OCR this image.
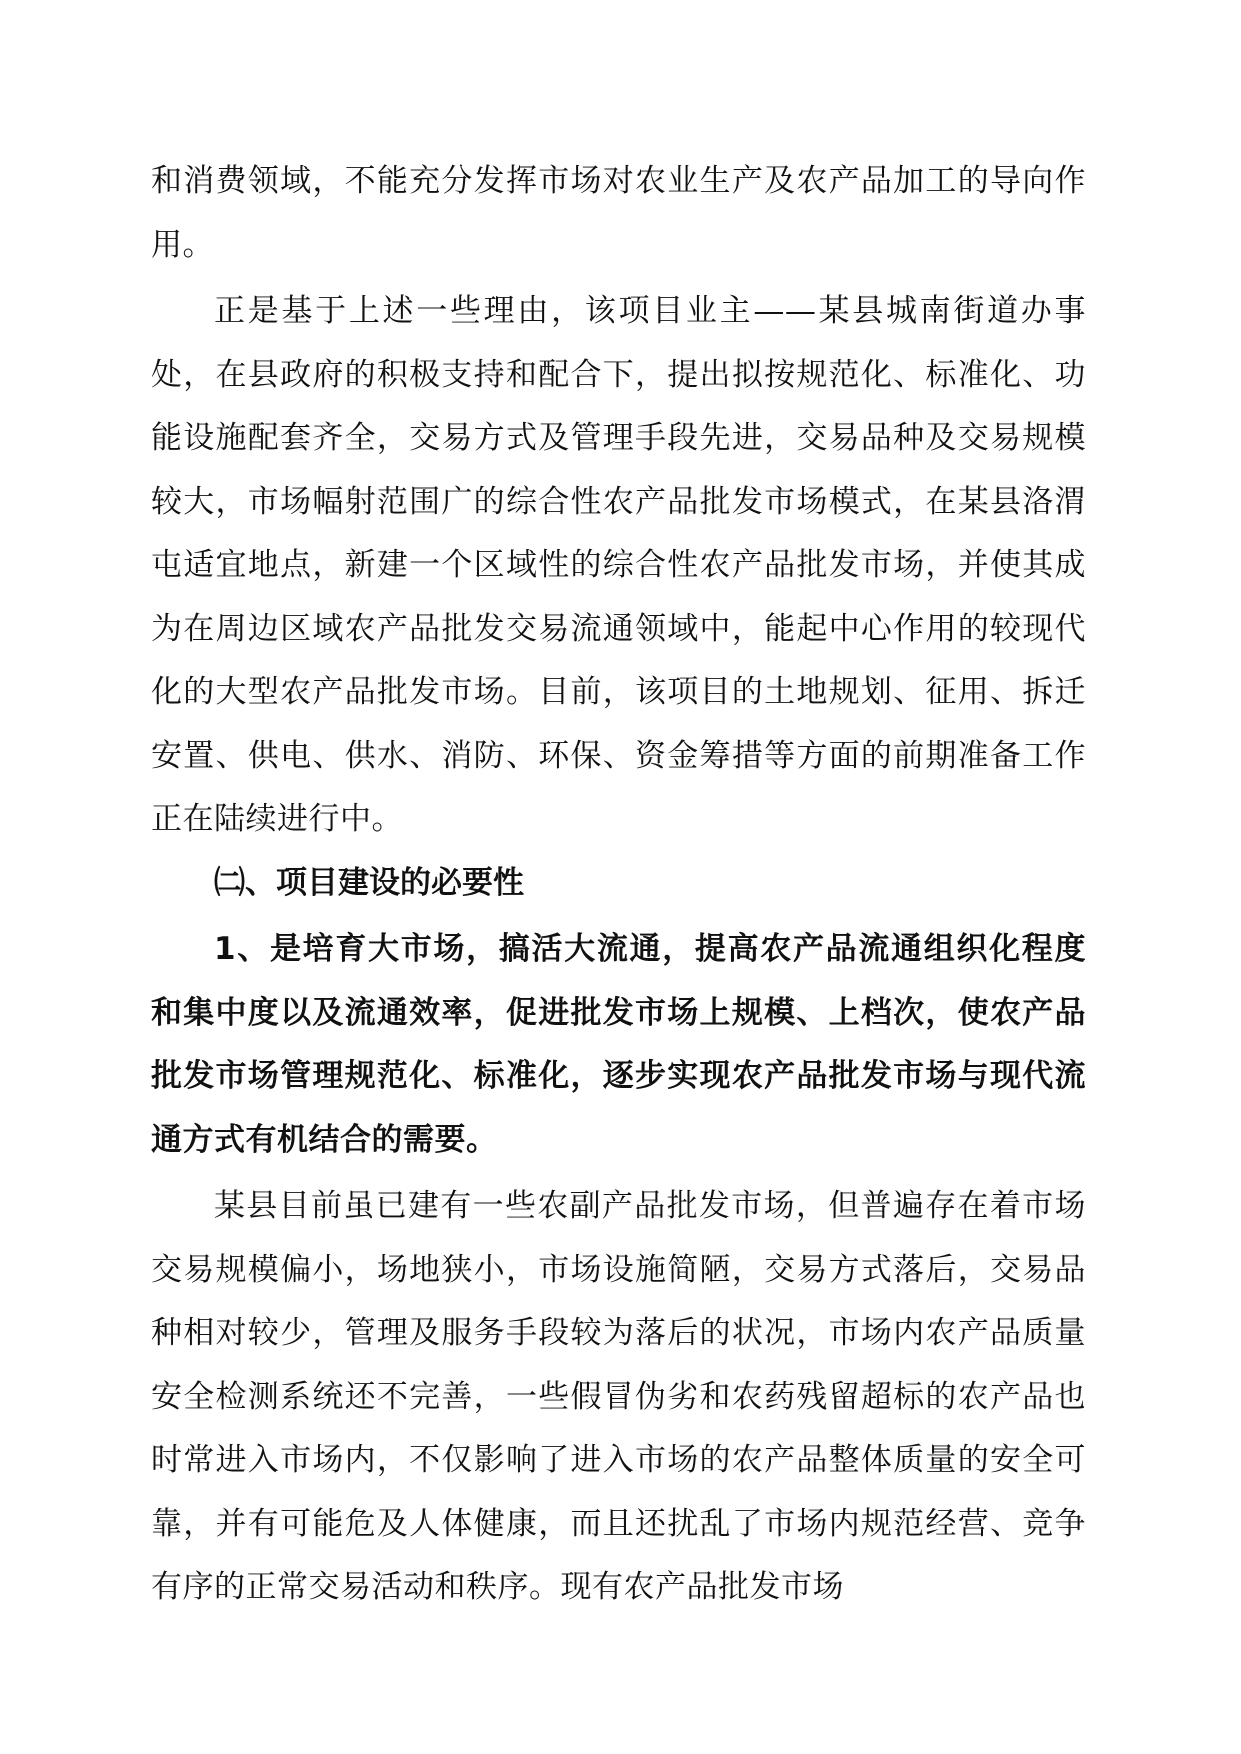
和消费领域，不能充分发挥市场对农业生产及农产品加工的导向作用。

正是基于上述一些理由，该项目业主——某县城南街道办事处，在县政府的积极支持和配合下，提出拟按规范化、标准化、功能设施配套齐全，交易方式及管理手段先进，交易品种及交易规模较大，市场幅射范围广的综合性农产品批发市场模式，在某县洛渭屯适宜地点，新建一个区域性的综合性农产品批发市场，并使其成为在周边区域农产品批发交易流通领域中，能起中心作用的较现代化的大型农产品批发市场。目前，该项目的土地规划、征用、拆迁安置、供电、供水、消防、环保、资金筹措等方面的前期准备工作正在陆续进行中。

㈡、项目建设的必要性

1、是培育大市场，搞活大流通，提高农产品流通组织化程度和集中度以及流通效率，促进批发市场上规模、上档次，使农产品批发市场管理规范化、标准化，逐步实现农产品批发市场与现代流通方式有机结合的需要。

某县目前虽已建有一些农副产品批发市场，但普遍存在着市场交易规模偏小，场地狭小，市场设施简陋，交易方式落后，交易品种相对较少，管理及服务手段较为落后的状况，市场内农产品质量安全检测系统还不完善，一些假冒伪劣和农药残留超标的农产品也时常进入市场内，不仅影响了进入市场的农产品整体质量的安全可靠，并有可能危及人体健康，而且还扰乱了市场内规范经营、竞争有序的正常交易活动和秩序。现有农产品批发市场
